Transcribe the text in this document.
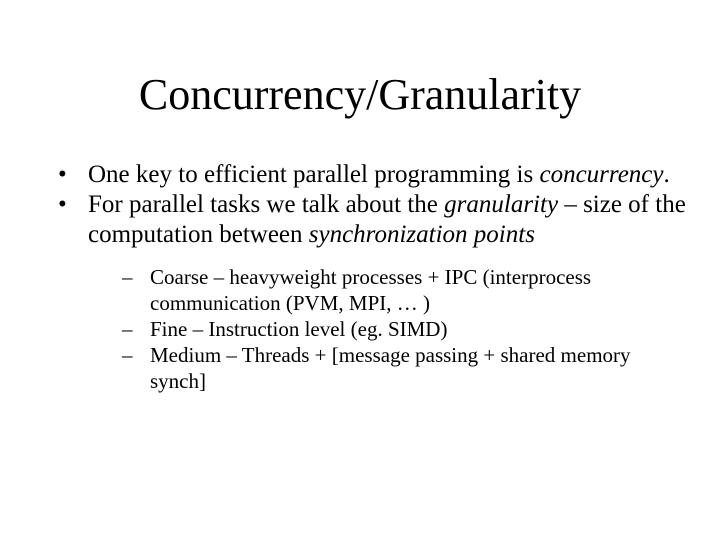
Concurrency/Granularity
• One key to efficient parallel programming is concurrency.
• For parallel tasks we talk about the granularity – size of the computation between synchronization points
– Coarse – heavyweight processes + IPC (interprocess communication (PVM, MPI, … )
– Fine – Instruction level (eg. SIMD)
– Medium – Threads + [message passing + shared memory synch]
